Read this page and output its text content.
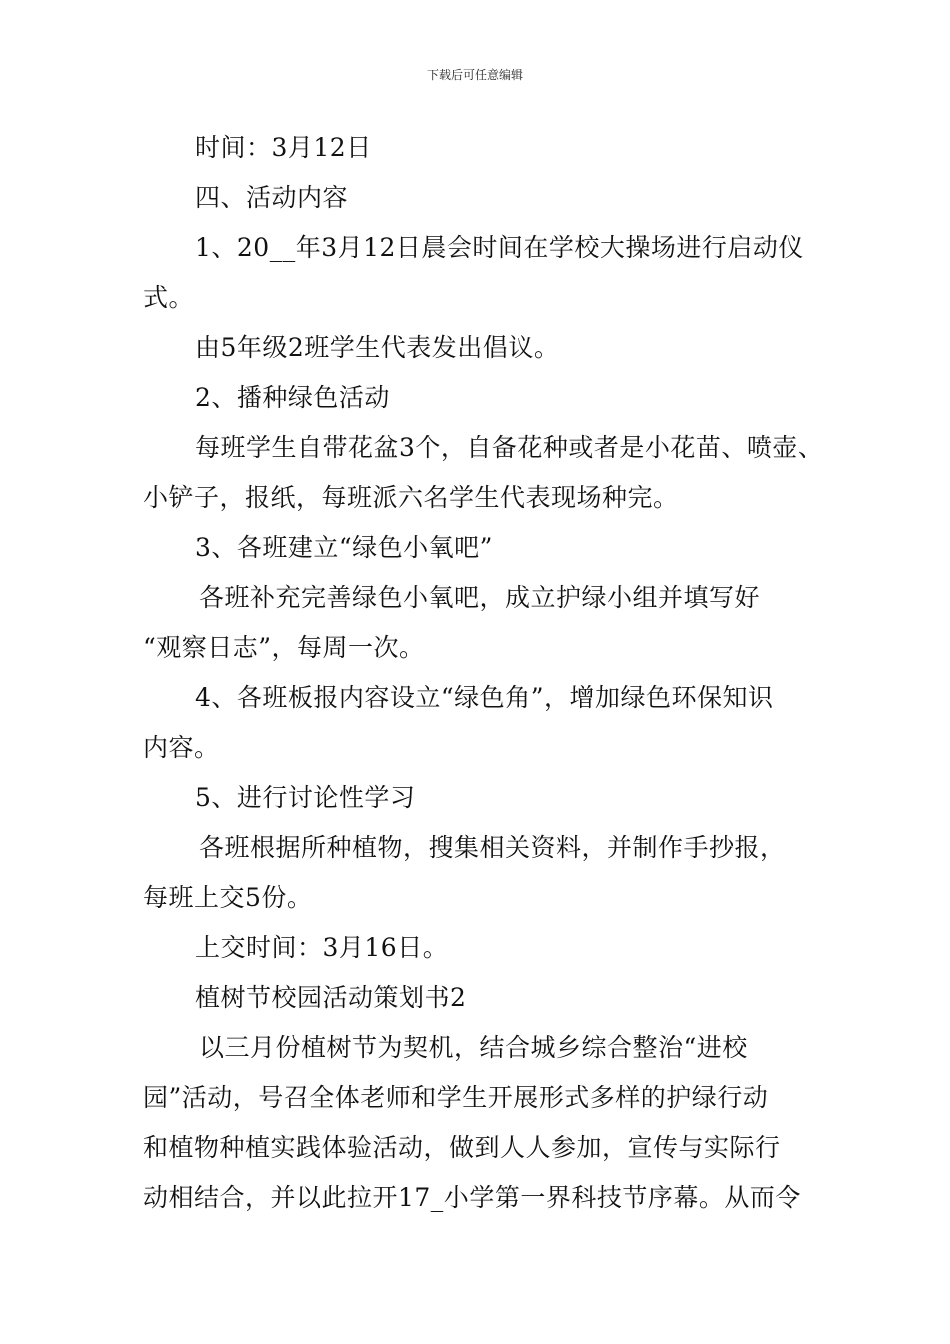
下载后可任意编辑
时间：3月12日
四、活动内容
1、20__年3月12日晨会时间在学校大操场进行启动仪
式。
由5年级2班学生代表发出倡议。
2、播种绿色活动
每班学生自带花盆3个，自备花种或者是小花苗、喷壶、
小铲子，报纸，每班派六名学生代表现场种完。
3、各班建立“绿色小氧吧”
各班补充完善绿色小氧吧，成立护绿小组并填写好
“观察日志”，每周一次。
4、各班板报内容设立“绿色角”，增加绿色环保知识
内容。
5、进行讨论性学习
各班根据所种植物，搜集相关资料，并制作手抄报，
每班上交5份。
上交时间：3月16日。
植树节校园活动策划书2
以三月份植树节为契机，结合城乡综合整治“进校
园”活动，号召全体老师和学生开展形式多样的护绿行动
和植物种植实践体验活动，做到人人参加，宣传与实际行
动相结合，并以此拉开17_小学第一界科技节序幕。从而令
